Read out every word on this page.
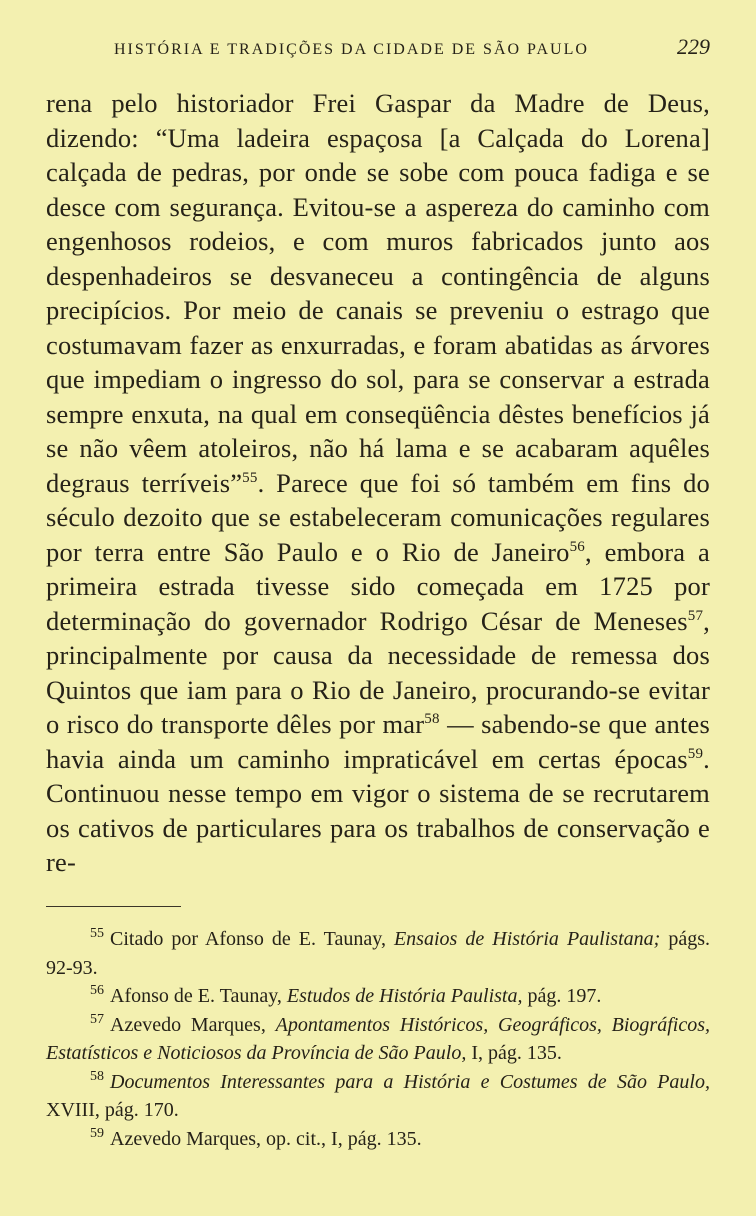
HISTÓRIA E TRADIÇÕES DA CIDADE DE SÃO PAULO	229

rena pelo historiador Frei Gaspar da Madre de Deus, dizendo: “Uma ladeira espaçosa [a Calçada do Lorena] calçada de pedras, por onde se sobe com pouca fadiga e se desce com segurança. Evitou-se a aspereza do caminho com engenhosos rodeios, e com muros fabricados junto aos despenhadeiros se desvaneceu a contingência de alguns precipícios. Por meio de canais se preveniu o estrago que costumavam fazer as enxurradas, e foram abatidas as árvores que impediam o ingresso do sol, para se conservar a estrada sempre enxuta, na qual em conseqüência dêstes benefícios já se não vêem atoleiros, não há lama e se acabaram aquêles degraus terríveis”$^{55}$. Parece que foi só também em fins do século dezoito que se estabeleceram comunicações regulares por terra entre São Paulo e o Rio de Janeiro$^{56}$, embora a primeira estrada tivesse sido começada em 1725 por determinação do governador Rodrigo César de Meneses$^{57}$, principalmente por causa da necessidade de remessa dos Quintos que iam para o Rio de Janeiro, procurando-se evitar o risco do transporte dêles por mar$^{58}$ — sabendo-se que antes havia ainda um caminho impraticável em certas épocas$^{59}$. Continuou nesse tempo em vigor o sistema de se recrutarem os cativos de particulares para os trabalhos de conservação e re-

$^{55}$ Citado por Afonso de E. Taunay, Ensaios de História Paulistana; págs. 92-93.
$^{56}$ Afonso de E. Taunay, Estudos de História Paulista, pág. 197.
$^{57}$ Azevedo Marques, Apontamentos Históricos, Geográficos, Biográficos, Estatísticos e Noticiosos da Província de São Paulo, I, pág. 135.
$^{58}$ Documentos Interessantes para a História e Costumes de São Paulo, XVIII, pág. 170.
$^{59}$ Azevedo Marques, op. cit., I, pág. 135.
